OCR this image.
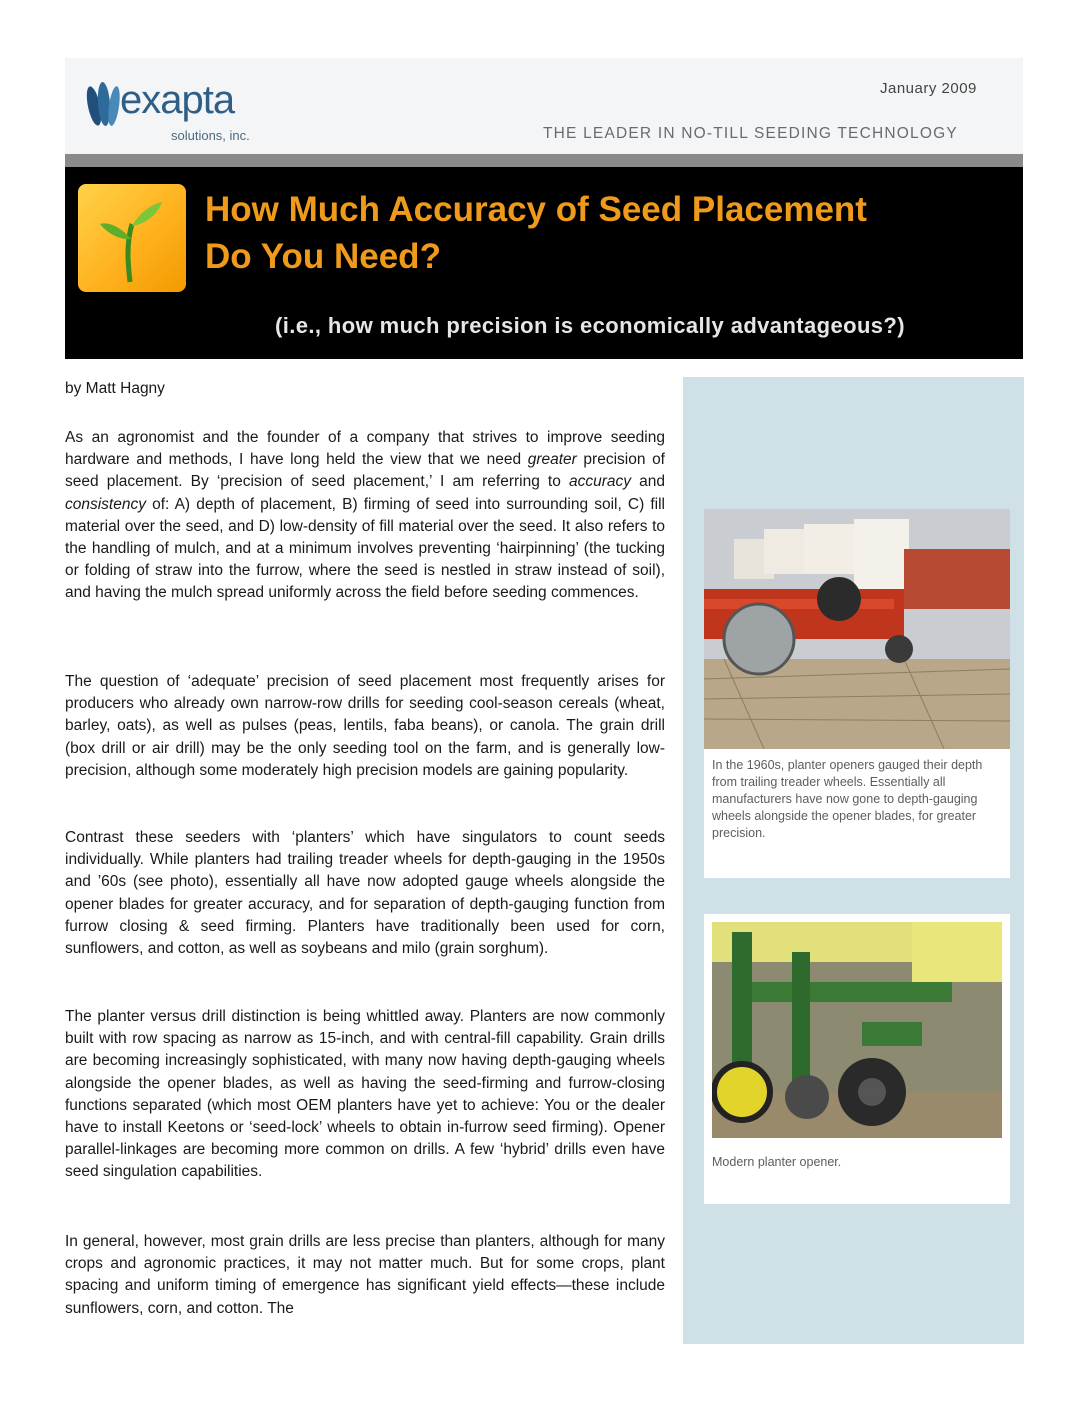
exapta
solutions, inc.
January 2009
THE LEADER IN NO-TILL SEEDING TECHNOLOGY
How Much Accuracy of Seed Placement
Do You Need?
(i.e., how much precision is economically advantageous?)
by Matt Hagny
As an agronomist and the founder of a company that strives to improve seeding hardware and methods, I have long held the view that we need greater precision of seed placement. By ‘precision of seed placement,’ I am referring to accuracy and consistency of: A) depth of placement, B) firming of seed into surrounding soil, C) fill material over the seed, and D) low-density of fill material over the seed. It also refers to the handling of mulch, and at a minimum involves preventing ‘hairpinning’ (the tucking or folding of straw into the furrow, where the seed is nestled in straw instead of soil), and having the mulch spread uniformly across the field before seeding commences.
The question of ‘adequate’ precision of seed placement most frequently arises for producers who already own narrow-row drills for seeding cool-season cereals (wheat, barley, oats), as well as pulses (peas, lentils, faba beans), or canola. The grain drill (box drill or air drill) may be the only seeding tool on the farm, and is generally low-precision, although some moderately high precision models are gaining popularity.
Contrast these seeders with ‘planters’ which have singulators to count seeds individually. While planters had trailing treader wheels for depth-gauging in the 1950s and ’60s (see photo), essentially all have now adopted gauge wheels alongside the opener blades for greater accuracy, and for separation of depth-gauging function from furrow closing & seed firming. Planters have traditionally been used for corn, sunflowers, and cotton, as well as soybeans and milo (grain sorghum).
The planter versus drill distinction is being whittled away. Planters are now commonly built with row spacing as narrow as 15-inch, and with central-fill capability. Grain drills are becoming increasingly sophisticated, with many now having depth-gauging wheels alongside the opener blades, as well as having the seed-firming and furrow-closing functions separated (which most OEM planters have yet to achieve: You or the dealer have to install Keetons or ‘seed-lock’ wheels to obtain in-furrow seed firming). Opener parallel-linkages are becoming more common on drills. A few ‘hybrid’ drills even have seed singulation capabilities.
In general, however, most grain drills are less precise than planters, although for many crops and agronomic practices, it may not matter much. But for some crops, plant spacing and uniform timing of emergence has significant yield effects—these include sunflowers, corn, and cotton. The
In the 1960s, planter openers gauged their depth from trailing treader wheels. Essentially all manufacturers have now gone to depth-gauging wheels alongside the opener blades, for greater precision.
Modern planter opener.
